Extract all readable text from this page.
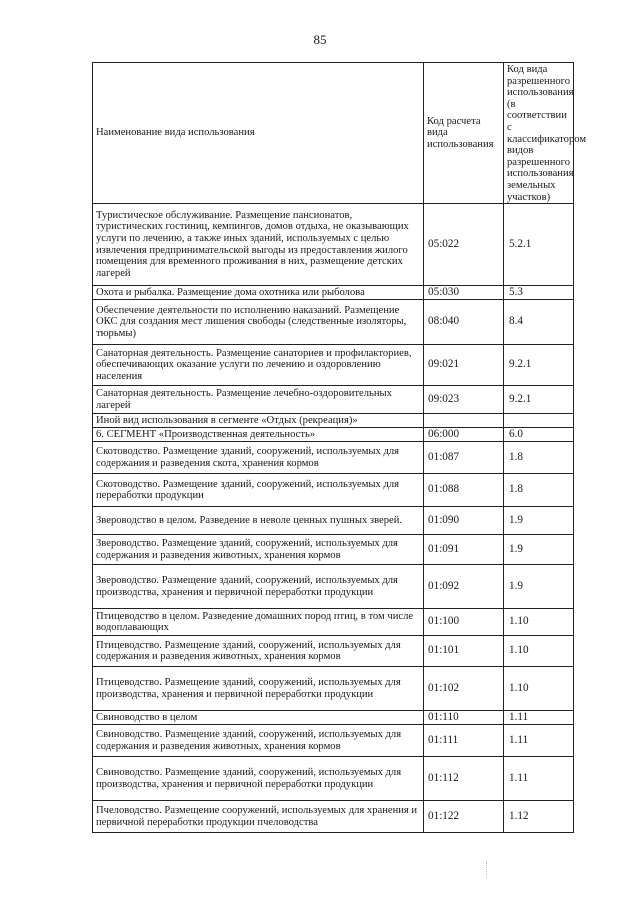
85
Наименование вида использования	Код расчета вида использования	Код вида разрешенного использования (в соответствии с классификатором видов разрешенного использования земельных участков)
Туристическое обслуживание. Размещение пансионатов, туристических гостиниц, кемпингов, домов отдыха, не оказывающих услуги по лечению, а также иных зданий, используемых с целью извлечения предпринимательской выгоды из предоставления жилого помещения для временного проживания в них, размещение детских лагерей	05:022	5.2.1
Охота и рыбалка. Размещение дома охотника или рыболова	05:030	5.3
Обеспечение деятельности по исполнению наказаний. Размещение ОКС для создания мест лишения свободы (следственные изоляторы, тюрьмы)	08:040	8.4
Санаторная деятельность. Размещение санаториев и профилакториев, обеспечивающих оказание услуги по лечению и оздоровлению населения	09:021	9.2.1
Санаторная деятельность. Размещение лечебно-оздоровительных лагерей	09:023	9.2.1
Иной вид использования в сегменте «Отдых (рекреация)»		
6. СЕГМЕНТ «Производственная деятельность»	06:000	6.0
Скотоводство. Размещение зданий, сооружений, используемых для содержания и разведения скота, хранения кормов	01:087	1.8
Скотоводство. Размещение зданий, сооружений, используемых для переработки продукции	01:088	1.8
Звероводство в целом. Разведение в неволе ценных пушных зверей.	01:090	1.9
Звероводство. Размещение зданий, сооружений, используемых для содержания и разведения животных, хранения кормов	01:091	1.9
Звероводство. Размещение зданий, сооружений, используемых для производства, хранения и первичной переработки продукции	01:092	1.9
Птицеводство в целом. Разведение домашних пород птиц, в том числе водоплавающих	01:100	1.10
Птицеводство. Размещение зданий, сооружений, используемых для содержания и разведения животных, хранения кормов	01:101	1.10
Птицеводство. Размещение зданий, сооружений, используемых для производства, хранения и первичной переработки продукции	01:102	1.10
Свиноводство в целом	01:110	1.11
Свиноводство. Размещение зданий, сооружений, используемых для содержания и разведения животных, хранения кормов	01:111	1.11
Свиноводство. Размещение зданий, сооружений, используемых для производства, хранения и первичной переработки продукции	01:112	1.11
Пчеловодство. Размещение сооружений, используемых для хранения и первичной переработки продукции пчеловодства	01:122	1.12
